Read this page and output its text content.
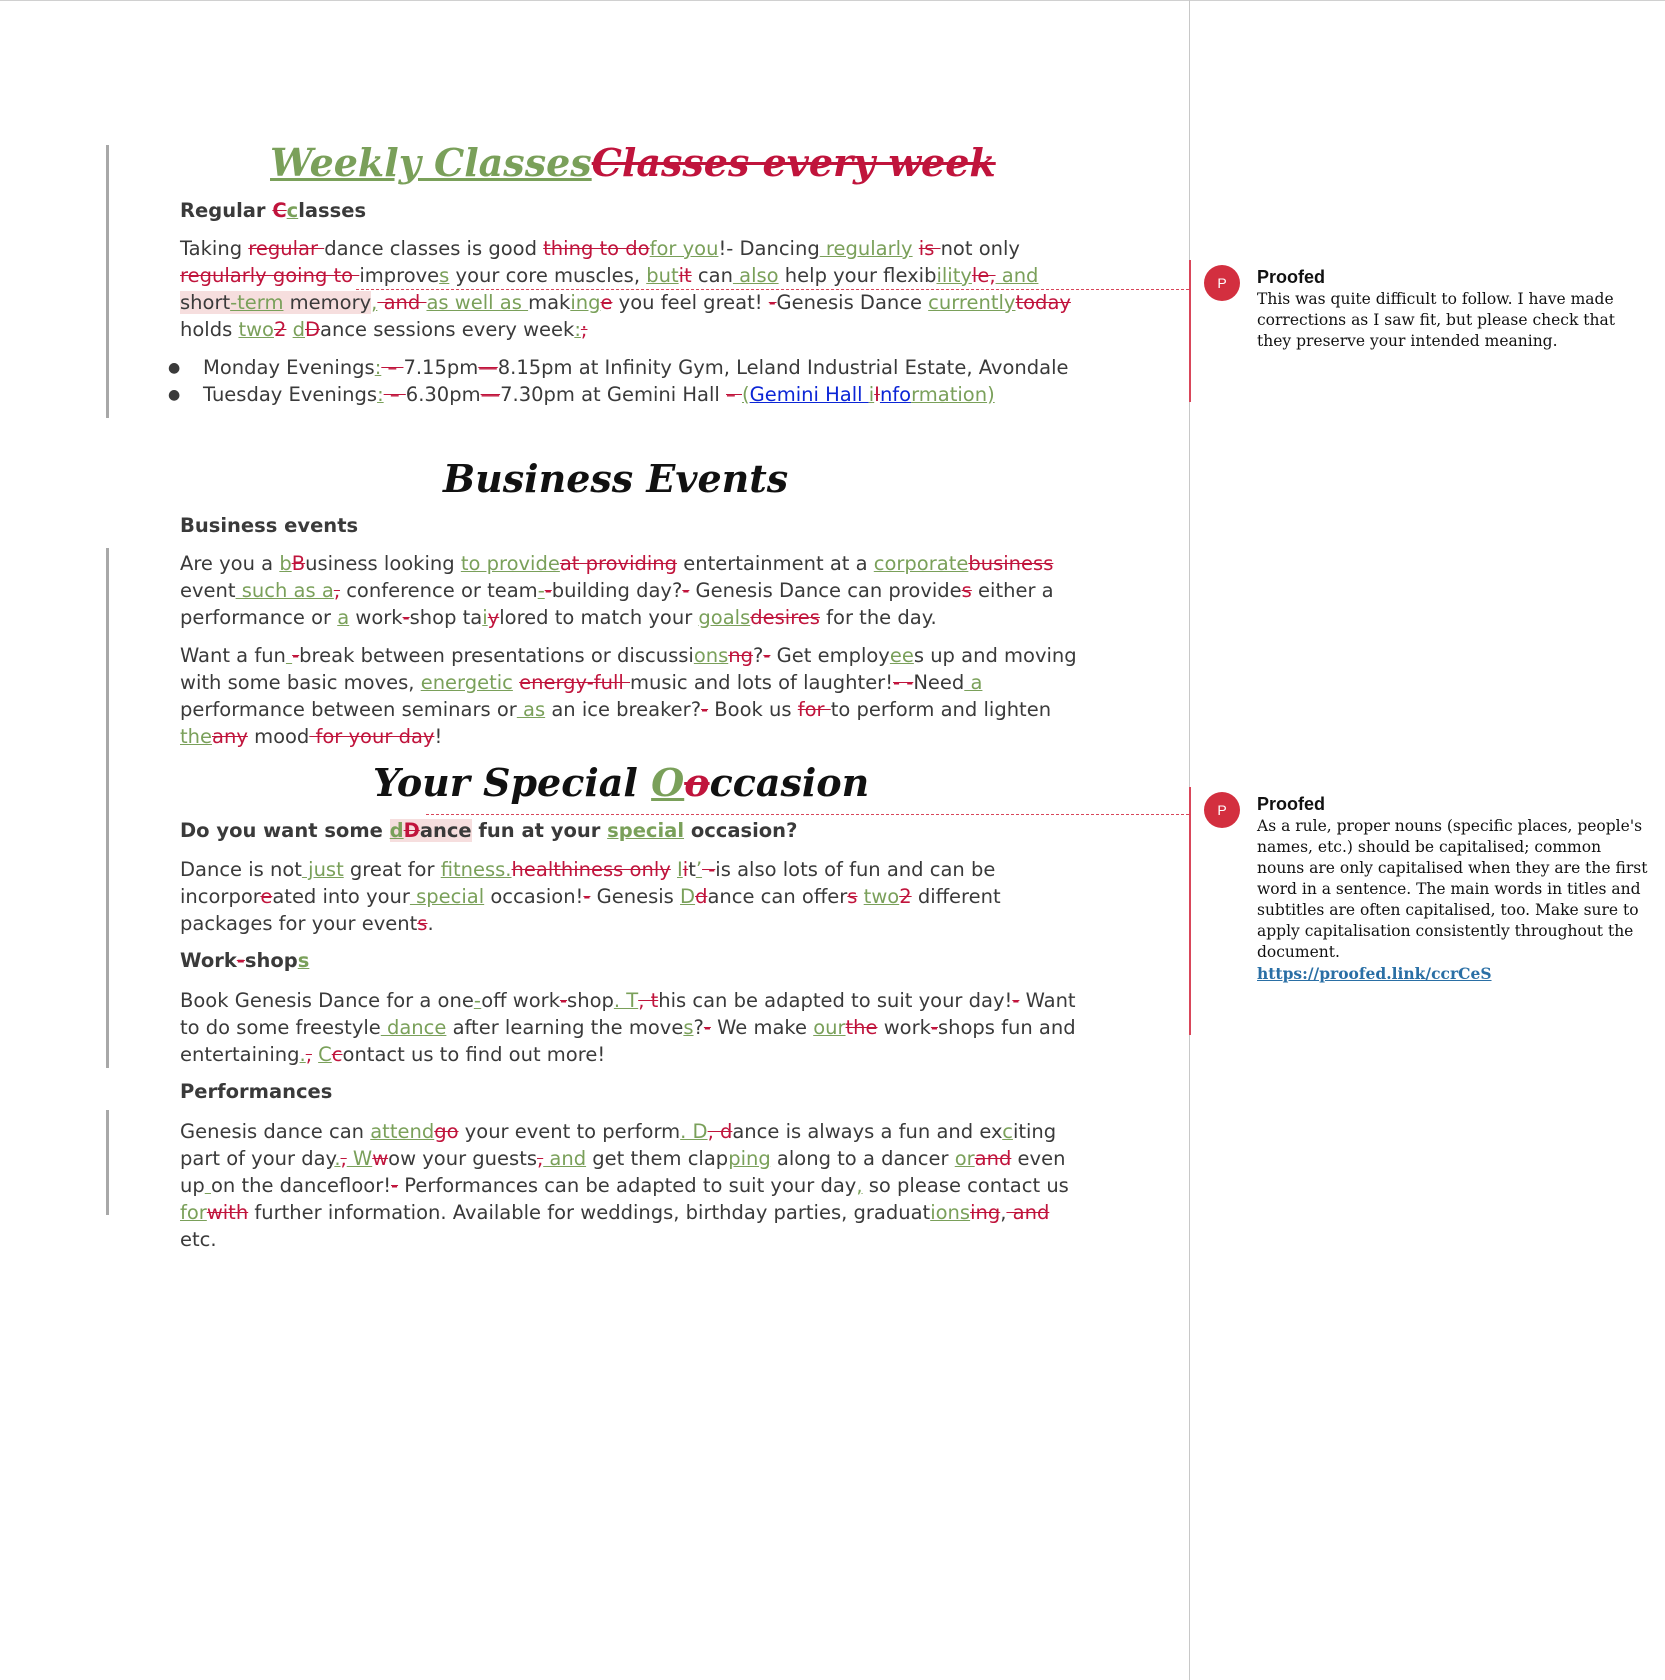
Weekly ClassesClasses every week
Regular Cclasses
Taking regular dance classes is good thing to dofor you!- Dancing regularly is not only
regularly going to improves your core muscles, butit can also help your flexibilityle, and
short-term memory, and as well as makinge you feel great! -Genesis Dance currentlytoday
holds two2 dDance sessions every week:;
● Monday Evenings: – 7.15pm—8.15pm at Infinity Gym, Leland Industrial Estate, Avondale
● Tuesday Evenings: – 6.30pm—7.30pm at Gemini Hall – (Gemini Hall iInformation)
Business Events
Business events
Are you a bBusiness looking to provideat providing entertainment at a corporatebusiness
event such as a, conference or team--building day?- Genesis Dance can provides either a
performance or a work-shop taiylored to match your goalsdesires for the day.
Want a fun -break between presentations or discussionsng?- Get employees up and moving
with some basic moves, energetic energy-full music and lots of laughter!- -Need a
performance between seminars or as an ice breaker?- Book us for to perform and lighten
theany mood for your day!
Your Special Ooccasion
Do you want some dDance fun at your special occasion?
Dance is not just great for fitness.healthiness only Iit’ -is also lots of fun and can be
incorporeated into your special occasion!- Genesis Ddance can offers two2 different
packages for your events.
Work-shops
Book Genesis Dance for a one-off work-shop. T, this can be adapted to suit your day!- Want
to do some freestyle dance after learning the moves?- We make ourthe work-shops fun and
entertaining., Ccontact us to find out more!
Performances
Genesis dance can attendgo your event to perform. D, dance is always a fun and exciting
part of your day., Wwow your guests, and get them clapping along to a dancer orand even
up on the dancefloor!- Performances can be adapted to suit your day, so please contact us
forwith further information. Available for weddings, birthday parties, graduationsing, and
etc.
P	Proofed
This was quite difficult to follow. I have made corrections as I saw fit, but please check that they preserve your intended meaning.
P	Proofed
As a rule, proper nouns (specific places, people's names, etc.) should be capitalised; common nouns are only capitalised when they are the first word in a sentence. The main words in titles and subtitles are often capitalised, too. Make sure to apply capitalisation consistently throughout the document.
https://proofed.link/ccrCeS
